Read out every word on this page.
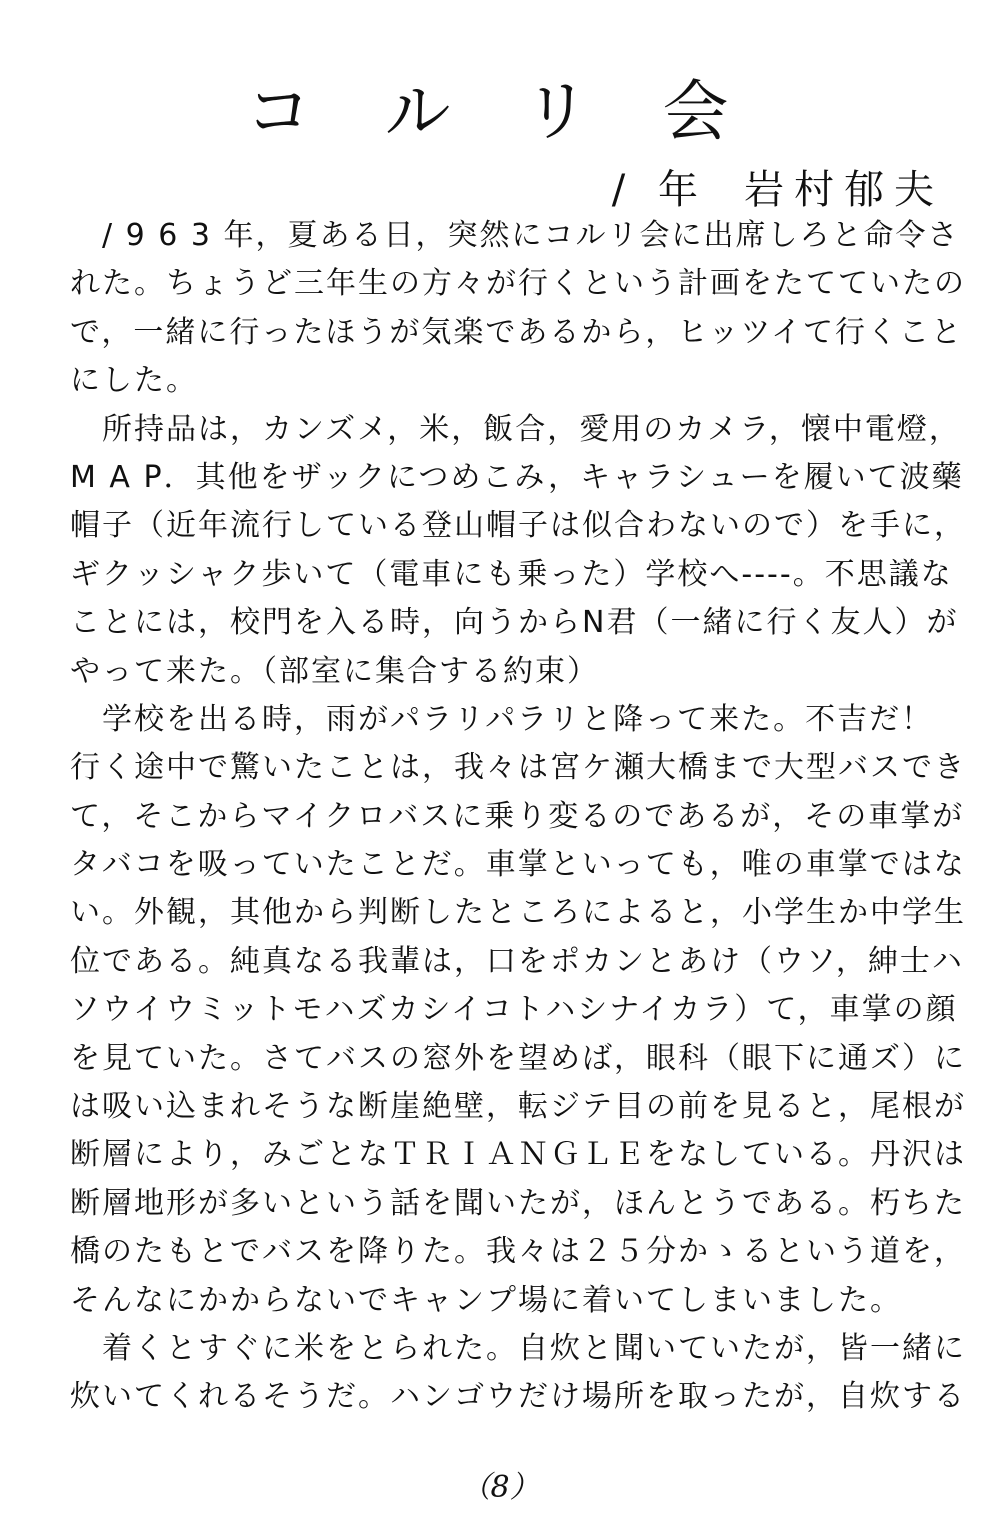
コ ル リ 会

/ 年 岩村郁夫

　/ 9 6 3 年，夏ある日，突然にコルリ会に出席しろと命令さ
れた。ちょうど三年生の方々が行くという計画をたてていたの
で，一緒に行ったほうが気楽であるから，ヒッツイて行くこと
にした。
　所持品は，カンズメ，米，飯合，愛用のカメラ，懐中電燈，
M A P．其他をザックにつめこみ，キャラシューを履いて波藥
帽子（近年流行している登山帽子は似合わないので）を手に，
ギクッシャク歩いて（電車にも乗った）学校へ----。不思議な
ことには，校門を入る時，向うからN君（一緒に行く友人）が
やって来た。（部室に集合する約束）
　学校を出る時，雨がパラリパラリと降って来た。不吉だ！
行く途中で驚いたことは，我々は宮ケ瀬大橋まで大型バスでき
て，そこからマイクロバスに乗り変るのであるが，その車掌が
タバコを吸っていたことだ。車掌といっても，唯の車掌ではな
い。外観，其他から判断したところによると，小学生か中学生
位である。純真なる我輩は，口をポカンとあけ（ウソ，紳士ハ
ソウイウミットモハズカシイコトハシナイカラ）て，車掌の顔
を見ていた。さてバスの窓外を望めば，眼科（眼下に通ズ）に
は吸い込まれそうな断崖絶壁，転ジテ目の前を見ると，尾根が
断層により，みごとなＴＲＩＡＮＧＬＥをなしている。丹沢は
断層地形が多いという話を聞いたが，ほんとうである。朽ちた
橋のたもとでバスを降りた。我々は２５分かゝるという道を，
そんなにかからないでキャンプ場に着いてしまいました。
　着くとすぐに米をとられた。自炊と聞いていたが，皆一緒に
炊いてくれるそうだ。ハンゴウだけ場所を取ったが，自炊する

（8）
